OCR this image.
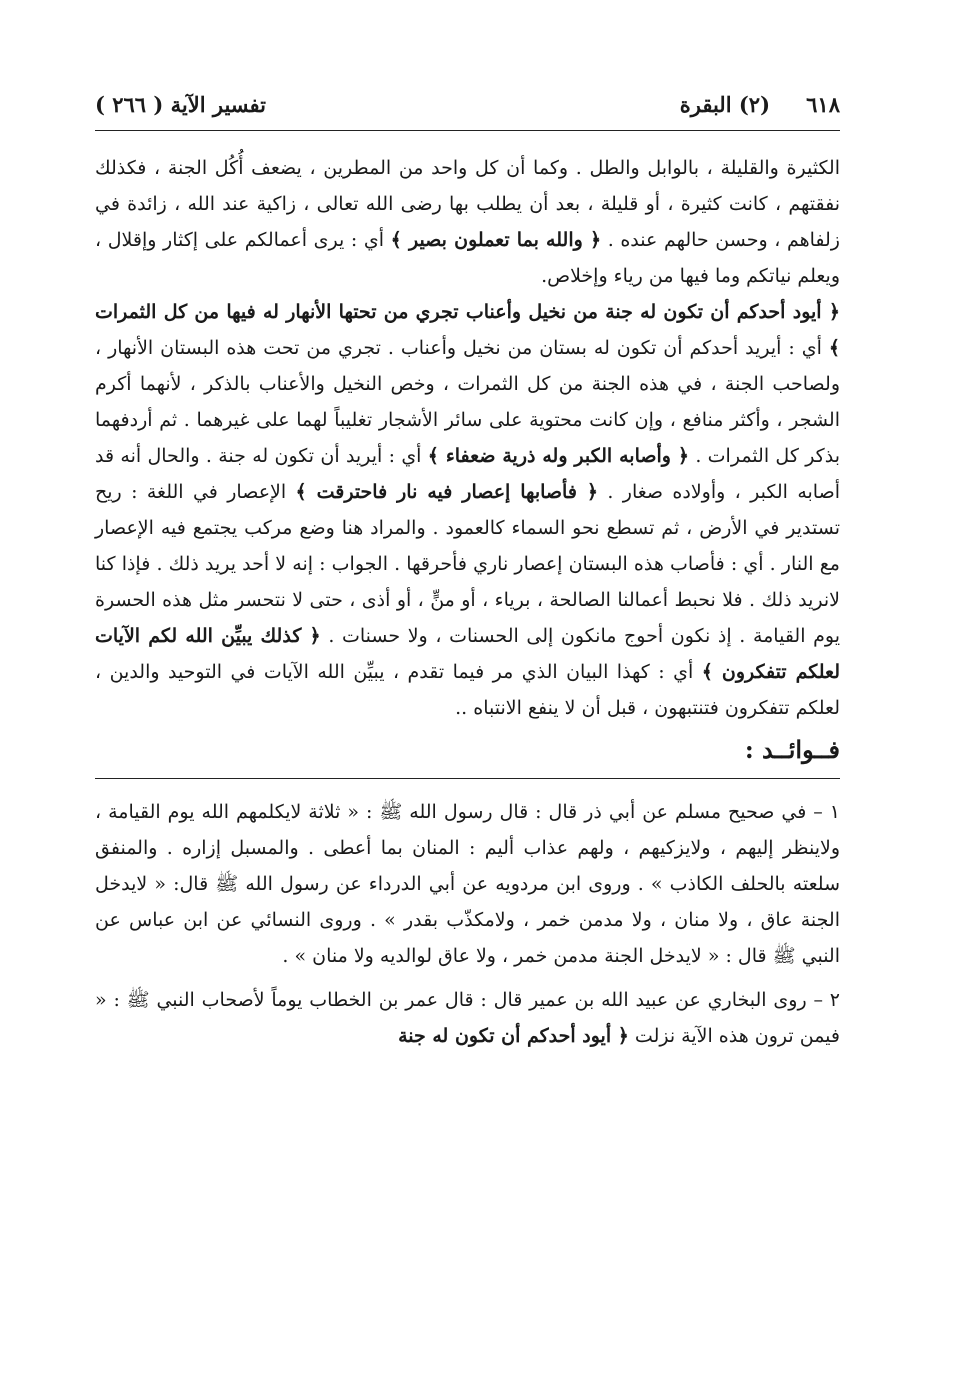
٦١٨
(٢) البقرة
تفسير الآية ( ٢٦٦ )

الكثيرة والقليلة ، بالوابل والطل . وكما أن كل واحد من المطرين ، يضعف أُكُل الجنة ، فكذلك نفقتهم ، كانت كثيرة ، أو قليلة ، بعد أن يطلب بها رضى الله تعالى ، زاكية عند الله ، زائدة في زلفاهم ، وحسن حالهم عنده . ﴿ والله بما تعملون بصير ﴾ أي : يرى أعمالكم على إكثار وإقلال ، ويعلم نياتكم وما فيها من رياء وإخلاص.

﴿ أيود أحدكم أن تكون له جنة من نخيل وأعناب تجري من تحتها الأنهار له فيها من كل الثمرات ﴾ أي : أيريد أحدكم أن تكون له بستان من نخيل وأعناب . تجري من تحت هذه البستان الأنهار ، ولصاحب الجنة ، في هذه الجنة من كل الثمرات ، وخص النخيل والأعناب بالذكر ، لأنهما أكرم الشجر ، وأكثر منافع ، وإن كانت محتوية على سائر الأشجار تغليباً لهما على غيرهما . ثم أردفهما بذكر كل الثمرات . ﴿ وأصابه الكبر وله ذرية ضعفاء ﴾ أي : أيريد أن تكون له جنة . والحال أنه قد أصابه الكبر ، وأولاده صغار . ﴿ فأصابها إعصار فيه نار فاحترقت ﴾ الإعصار في اللغة : ريح تستدير في الأرض ، ثم تسطع نحو السماء كالعمود . والمراد هنا وضع مركب يجتمع فيه الإعصار مع النار . أي : فأصاب هذه البستان إعصار ناري فأحرقها . الجواب : إنه لا أحد يريد ذلك . فإذا كنا لانريد ذلك . فلا نحبط أعمالنا الصالحة ، برياء ، أو منٍّ ، أو أذى ، حتى لا نتحسر مثل هذه الحسرة يوم القيامة . إذ نكون أحوج مانكون إلى الحسنات ، ولا حسنات . ﴿ كذلك يبيِّن الله لكم الآيات لعلكم تتفكرون ﴾ أي : كهذا البيان الذي مر فيما تقدم ، يبيِّن الله الآيات في التوحيد والدين ، لعلكم تتفكرون فتنتبهون ، قبل أن لا ينفع الانتباه ..

فــوائــد :

١ – في صحيح مسلم عن أبي ذر قال : قال رسول الله ﷺ : « ثلاثة لايكلمهم الله يوم القيامة ، ولاينظر إليهم ، ولايزكيهم ، ولهم عذاب أليم : المنان بما أعطى . والمسبل إزاره . والمنفق سلعته بالحلف الكاذب » . وروى ابن مردويه عن أبي الدرداء عن رسول الله ﷺ قال: « لايدخل الجنة عاق ، ولا منان ، ولا مدمن خمر ، ولامكذّب بقدر » . وروى النسائي عن ابن عباس عن النبي ﷺ قال : « لايدخل الجنة مدمن خمر ، ولا عاق لوالديه ولا منان » .

٢ – روى البخاري عن عبيد الله بن عمير قال : قال عمر بن الخطاب يوماً لأصحاب النبي ﷺ : « فيمن ترون هذه الآية نزلت ﴿ أيود أحدكم أن تكون له جنة
